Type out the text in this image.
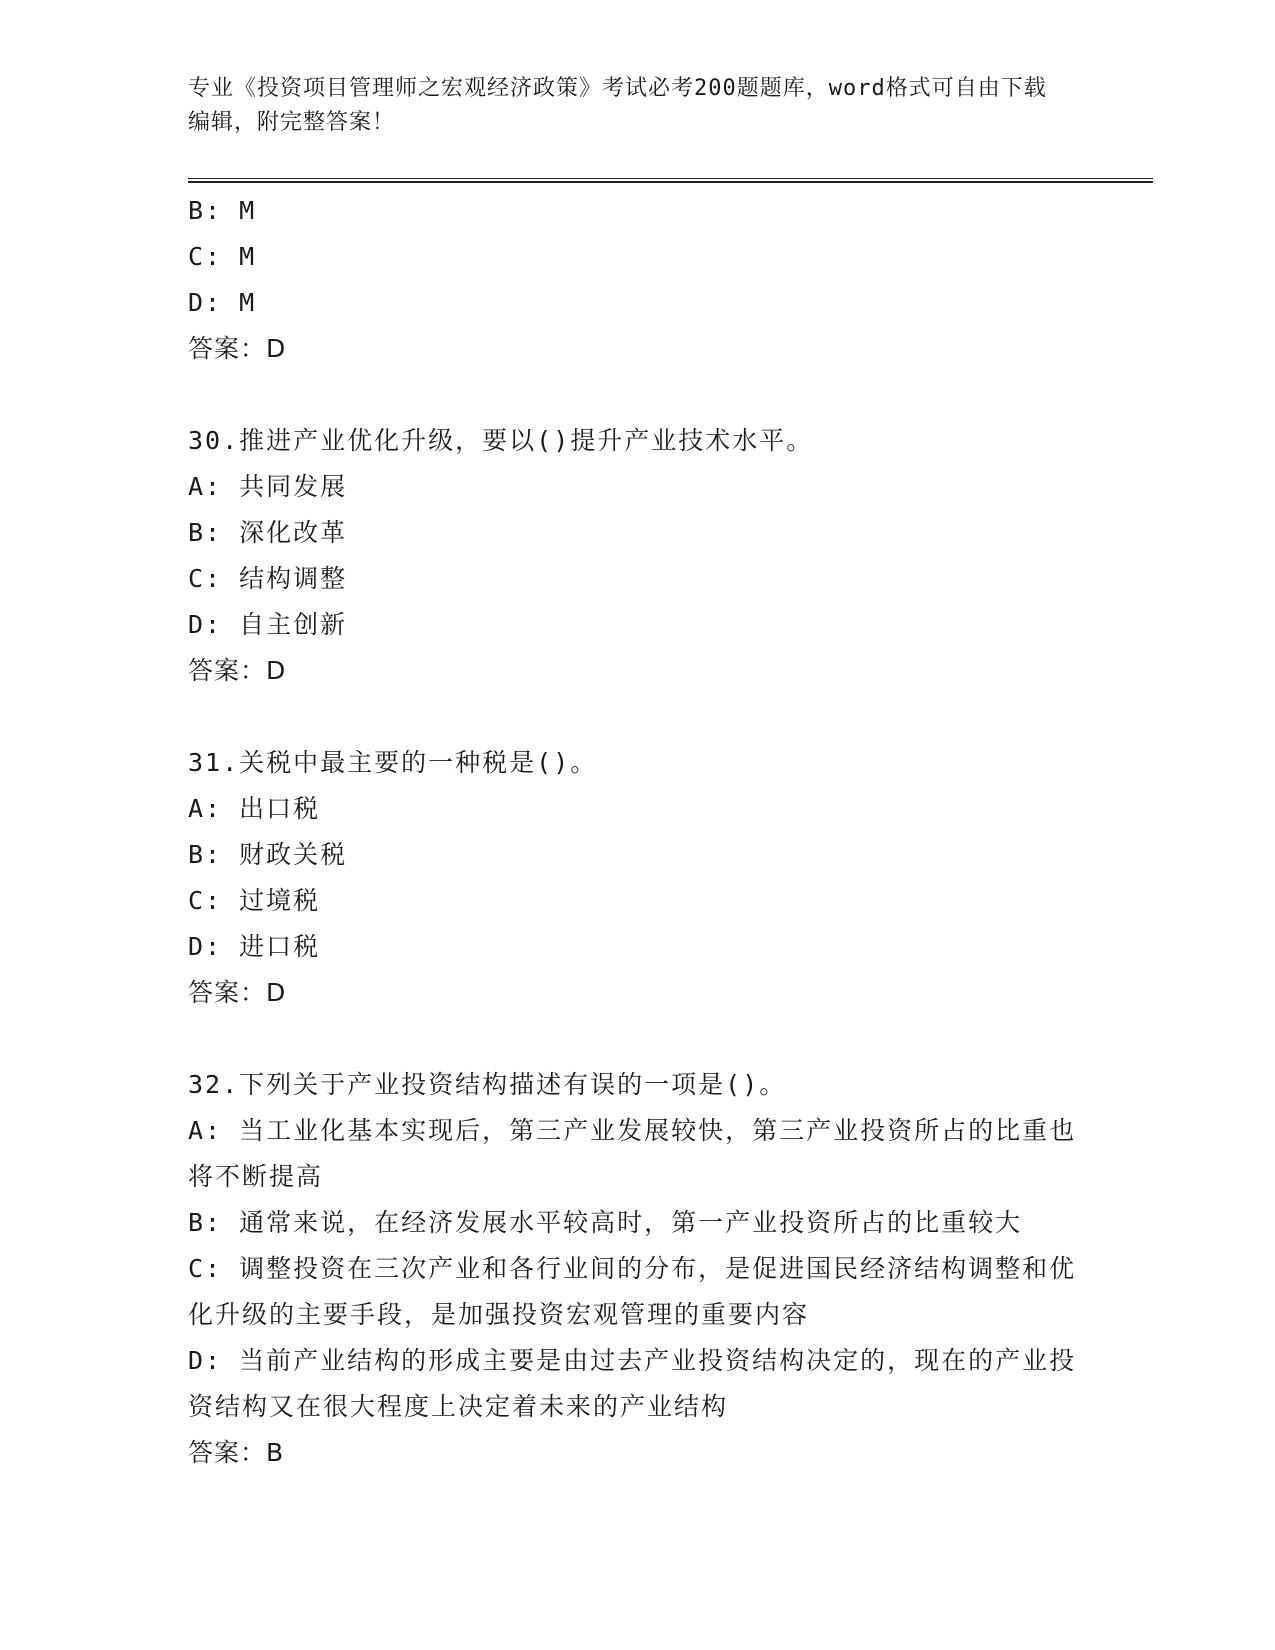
专业《投资项目管理师之宏观经济政策》考试必考200题题库，word格式可自由下载编辑，附完整答案！
B: M
C: M
D: M
答案：D
30.推进产业优化升级，要以()提升产业技术水平。
A: 共同发展
B: 深化改革
C: 结构调整
D: 自主创新
答案：D
31.关税中最主要的一种税是()。
A: 出口税
B: 财政关税
C: 过境税
D: 进口税
答案：D
32.下列关于产业投资结构描述有误的一项是()。
A: 当工业化基本实现后，第三产业发展较快，第三产业投资所占的比重也将不断提高
B: 通常来说，在经济发展水平较高时，第一产业投资所占的比重较大
C: 调整投资在三次产业和各行业间的分布，是促进国民经济结构调整和优化升级的主要手段，是加强投资宏观管理的重要内容
D: 当前产业结构的形成主要是由过去产业投资结构决定的，现在的产业投资结构又在很大程度上决定着未来的产业结构
答案：B
